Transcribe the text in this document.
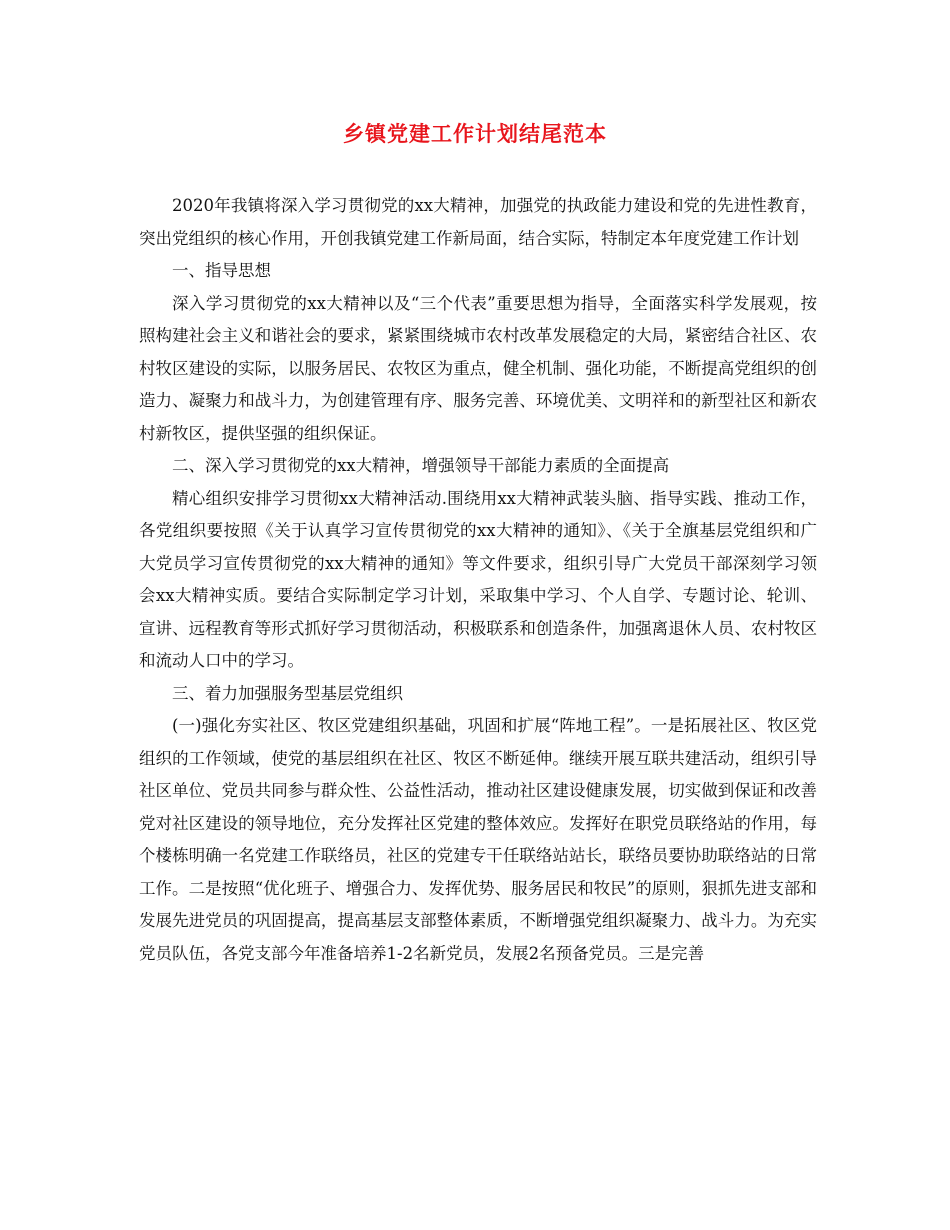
乡镇党建工作计划结尾范本

2020年我镇将深入学习贯彻党的xx大精神，加强党的执政能力建设和党的先进性教育，突出党组织的核心作用，开创我镇党建工作新局面，结合实际，特制定本年度党建工作计划

一、指导思想

深入学习贯彻党的xx大精神以及“三个代表”重要思想为指导，全面落实科学发展观，按照构建社会主义和谐社会的要求，紧紧围绕城市农村改革发展稳定的大局，紧密结合社区、农村牧区建设的实际，以服务居民、农牧区为重点，健全机制、强化功能，不断提高党组织的创造力、凝聚力和战斗力，为创建管理有序、服务完善、环境优美、文明祥和的新型社区和新农村新牧区，提供坚强的组织保证。

二、深入学习贯彻党的xx大精神，增强领导干部能力素质的全面提高

精心组织安排学习贯彻xx大精神活动.围绕用xx大精神武装头脑、指导实践、推动工作，各党组织要按照《关于认真学习宣传贯彻党的xx大精神的通知》、《关于全旗基层党组织和广大党员学习宣传贯彻党的xx大精神的通知》等文件要求，组织引导广大党员干部深刻学习领会xx大精神实质。要结合实际制定学习计划，采取集中学习、个人自学、专题讨论、轮训、宣讲、远程教育等形式抓好学习贯彻活动，积极联系和创造条件，加强离退休人员、农村牧区和流动人口中的学习。

三、着力加强服务型基层党组织

(一)强化夯实社区、牧区党建组织基础，巩固和扩展“阵地工程”。一是拓展社区、牧区党组织的工作领域，使党的基层组织在社区、牧区不断延伸。继续开展互联共建活动，组织引导社区单位、党员共同参与群众性、公益性活动，推动社区建设健康发展，切实做到保证和改善党对社区建设的领导地位，充分发挥社区党建的整体效应。发挥好在职党员联络站的作用，每个楼栋明确一名党建工作联络员，社区的党建专干任联络站站长，联络员要协助联络站的日常工作。二是按照“优化班子、增强合力、发挥优势、服务居民和牧民”的原则，狠抓先进支部和发展先进党员的巩固提高，提高基层支部整体素质，不断增强党组织凝聚力、战斗力。为充实党员队伍，各党支部今年准备培养1-2名新党员，发展2名预备党员。三是完善
